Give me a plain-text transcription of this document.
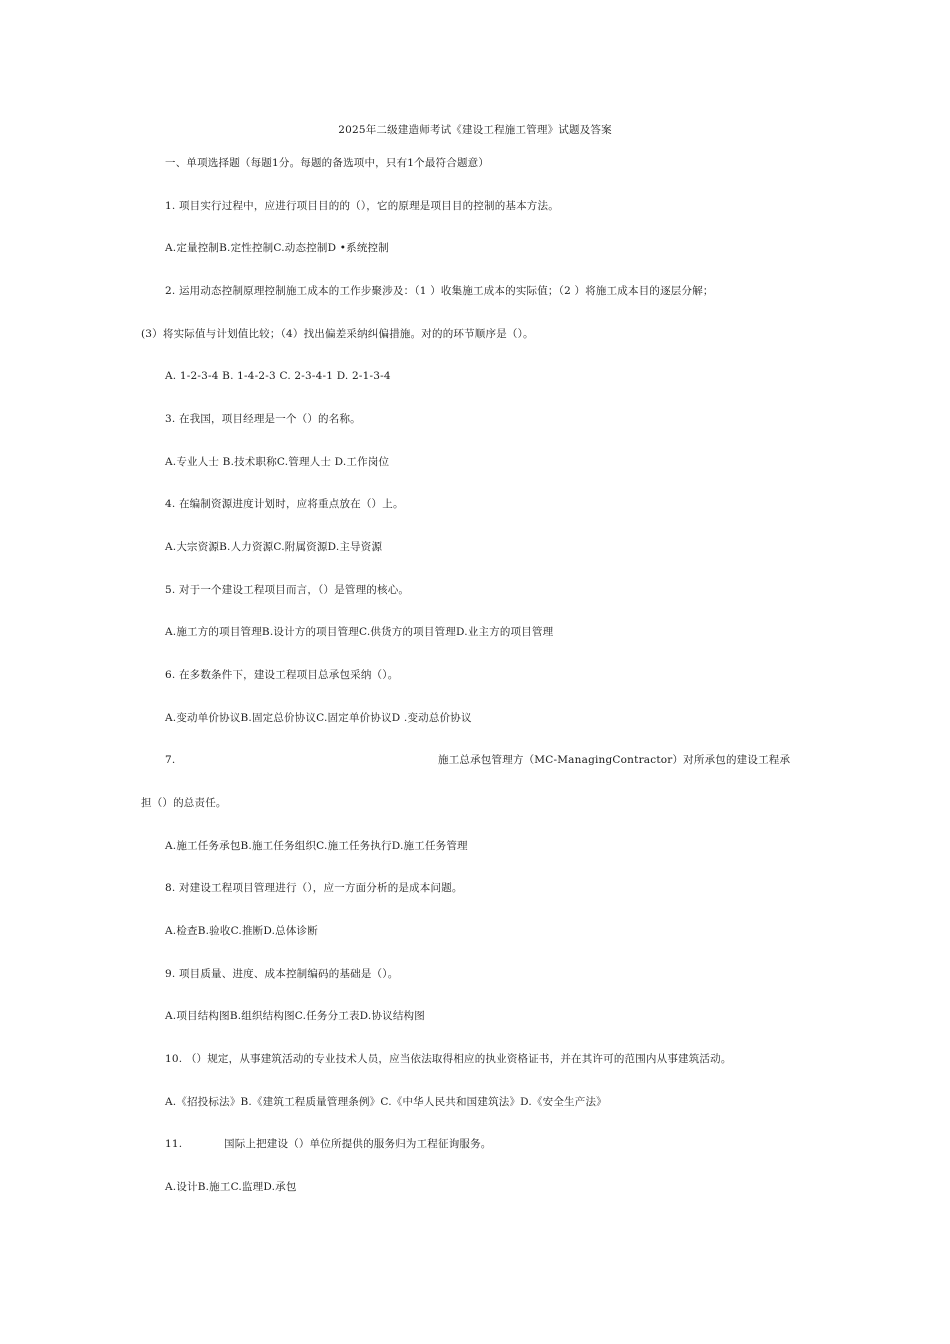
2025年二级建造师考试《建设工程施工管理》试题及答案
一、单项选择题（每题1分。每题的备选项中，只有1个最符合题意）
1. 项目实行过程中，应进行项目目的的（），它的原理是项目目的控制的基本方法。
A.定量控制B.定性控制C.动态控制D •系统控制
2. 运用动态控制原理控制施工成本的工作步聚涉及：（1 ）收集施工成本的实际值；（2 ）将施工成本目的逐层分解；
(3）将实际值与计划值比较；（4）找出偏差采纳纠偏措施。对的的环节顺序是（）。
A. 1-2-3-4 B. 1-4-2-3 C. 2-3-4-1 D. 2-1-3-4
3. 在我国，项目经理是一个（）的名称。
A.专业人士 B.技术职称C.管理人士 D.工作岗位
4. 在编制资源进度计划时，应将重点放在（）上。
A.大宗资源B.人力资源C.附属资源D.主导资源
5. 对于一个建设工程项目而言，（）是管理的核心。
A.施工方的项目管理B.设计方的项目管理C.供货方的项目管理D.业主方的项目管理
6. 在多数条件下，建设工程项目总承包采纳（）。
A.变动单价协议B.固定总价协议C.固定单价协议D .变动总价协议
7.	施工总承包管理方（MC-ManagingContractor）对所承包的建设工程承
担（）的总责任。
A.施工任务承包B.施工任务组织C.施工任务执行D.施工任务管理
8. 对建设工程项目管理进行（），应一方面分析的是成本问题。
A.检查B.验收C.推断D.总体诊断
9. 项目质量、进度、成本控制编码的基础是（）。
A.项目结构图B.组织结构图C.任务分工表D.协议结构图
10. （）规定，从事建筑活动的专业技术人员，应当依法取得相应的执业资格证书，并在其许可的范围内从事建筑活动。
A.《招投标法》B.《建筑工程质量管理条例》C.《中华人民共和国建筑法》D.《安全生产法》
11.	国际上把建设（）单位所提供的服务归为工程征询服务。
A.设计B.施工C.监理D.承包
